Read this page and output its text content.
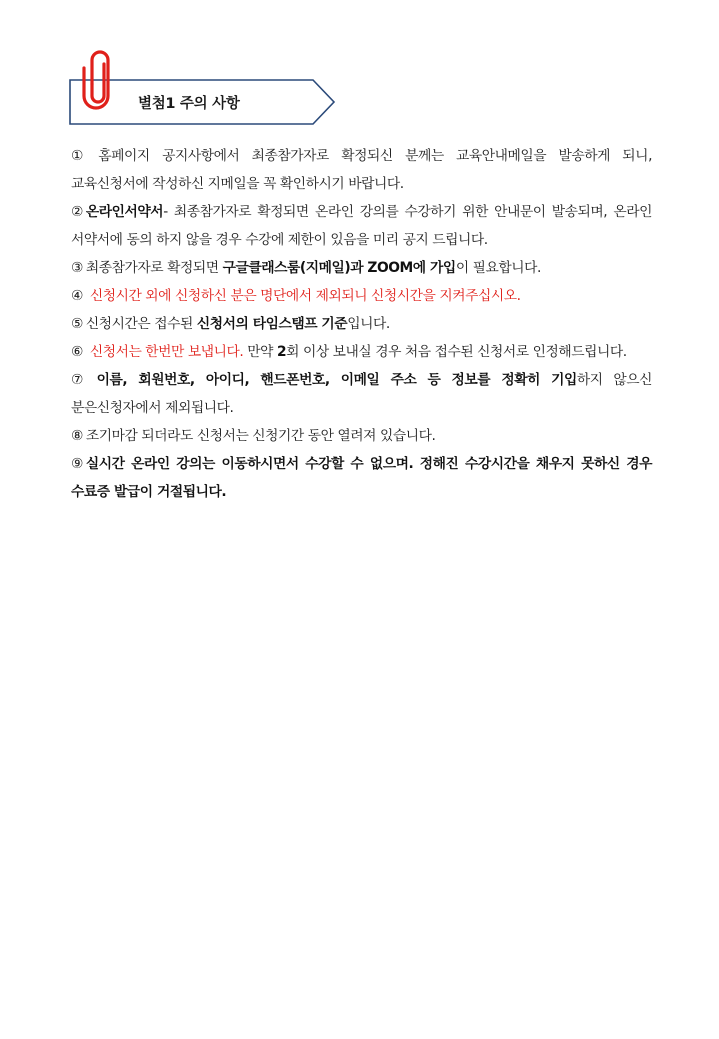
별첨1 주의 사항

① 홈페이지 공지사항에서 최종참가자로 확정되신 분께는 교육안내메일을 발송하게 되니, 교육신청서에 작성하신 지메일을 꼭 확인하시기 바랍니다.

② 온라인서약서- 최종참가자로 확정되면 온라인 강의를 수강하기 위한 안내문이 발송되며, 온라인 서약서에 동의 하지 않을 경우 수강에 제한이 있음을 미리 공지 드립니다.

③ 최종참가자로 확정되면 구글클래스룸(지메일)과 ZOOM에 가입이 필요합니다.

④ 신청시간 외에 신청하신 분은 명단에서 제외되니 신청시간을 지켜주십시오.

⑤ 신청시간은 접수된 신청서의 타임스탬프 기준입니다.

⑥ 신청서는 한번만 보냅니다. 만약 2회 이상 보내실 경우 처음 접수된 신청서로 인정해드립니다.

⑦ 이름, 회원번호, 아이디, 핸드폰번호, 이메일 주소 등 정보를 정확히 기입하지 않으신 분은신청자에서 제외됩니다.

⑧ 조기마감 되더라도 신청서는 신청기간 동안 열려져 있습니다.

⑨ 실시간 온라인 강의는 이동하시면서 수강할 수 없으며. 정해진 수강시간을 채우지 못하신 경우 수료증 발급이 거절됩니다.
